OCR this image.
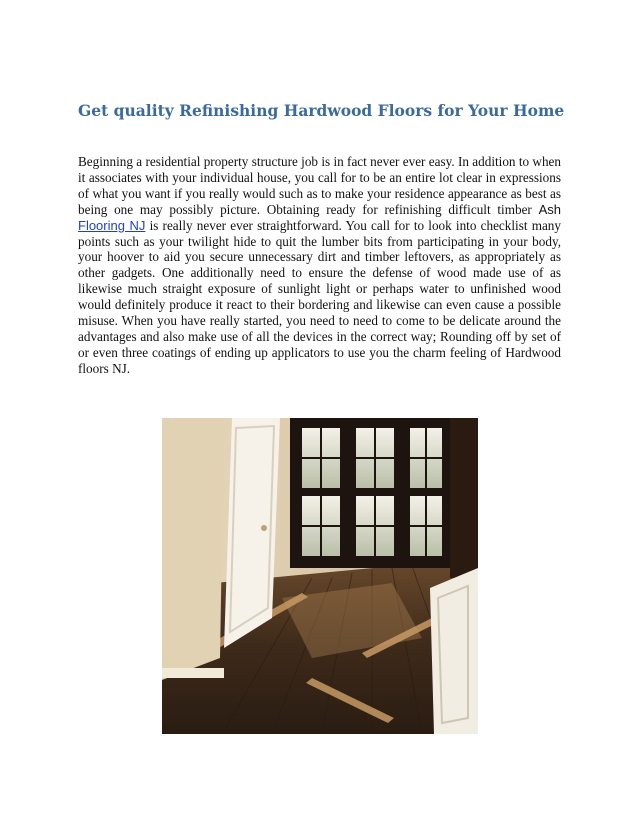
Get quality Refinishing Hardwood Floors for Your Home

Beginning a residential property structure job is in fact never ever easy. In addition to when it associates with your individual house, you call for to be an entire lot clear in expressions of what you want if you really would such as to make your residence appearance as best as being one may possibly picture. Obtaining ready for refinishing difficult timber Ash Flooring NJ is really never ever straightforward. You call for to look into checklist many points such as your twilight hide to quit the lumber bits from participating in your body, your hoover to aid you secure unnecessary dirt and timber leftovers, as appropriately as other gadgets. One additionally need to ensure the defense of wood made use of as likewise much straight exposure of sunlight light or perhaps water to unfinished wood would definitely produce it react to their bordering and likewise can even cause a possible misuse. When you have really started, you need to need to come to be delicate around the advantages and also make use of all the devices in the correct way; Rounding off by set of or even three coatings of ending up applicators to use you the charm feeling of Hardwood floors NJ.
